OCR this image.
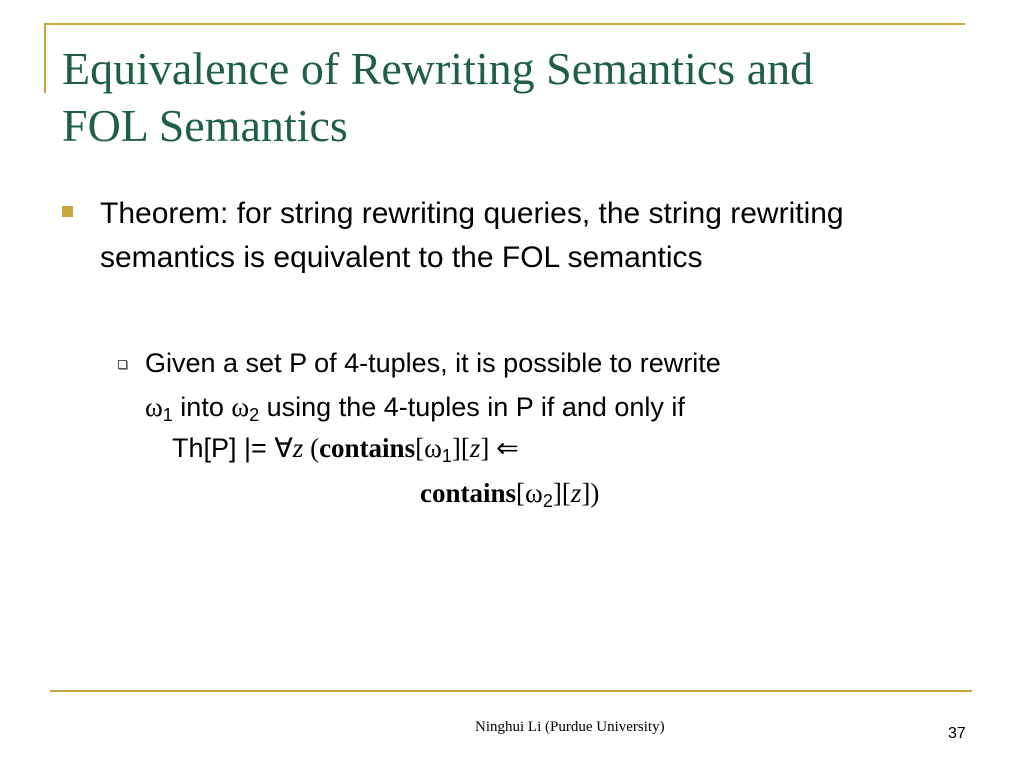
Equivalence of Rewriting Semantics and
FOL Semantics
Theorem: for string rewriting queries, the string rewriting semantics is equivalent to the FOL semantics
Given a set P of 4-tuples, it is possible to rewrite
$\omega_1$ into $\omega_2$ using the 4-tuples in P if and only if
Th[P] |= ∀z ($contains[\omega_1][z]$ ⇐
$contains[\omega_2][z]$)
Ninghui Li (Purdue University)	37
